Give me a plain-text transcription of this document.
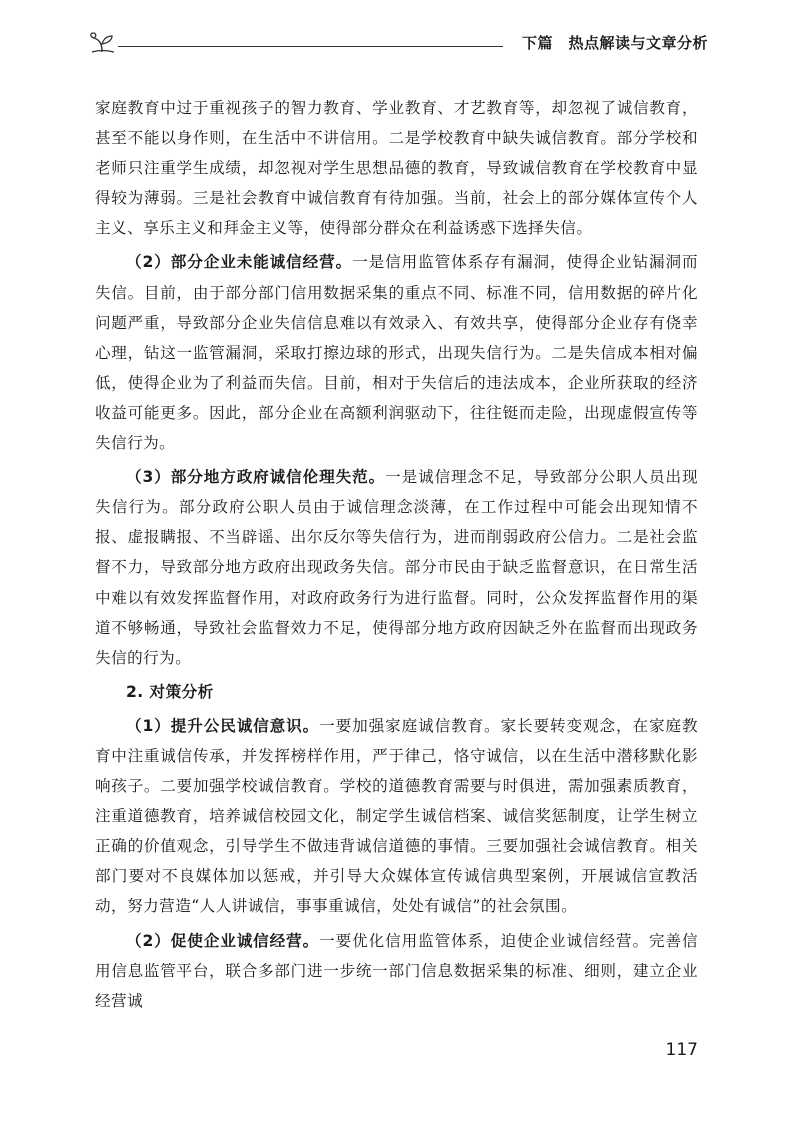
下篇　热点解读与文章分析

家庭教育中过于重视孩子的智力教育、学业教育、才艺教育等，却忽视了诚信教育，甚至不能以身作则，在生活中不讲信用。二是学校教育中缺失诚信教育。部分学校和老师只注重学生成绩，却忽视对学生思想品德的教育，导致诚信教育在学校教育中显得较为薄弱。三是社会教育中诚信教育有待加强。当前，社会上的部分媒体宣传个人主义、享乐主义和拜金主义等，使得部分群众在利益诱惑下选择失信。

（2）部分企业未能诚信经营。一是信用监管体系存有漏洞，使得企业钻漏洞而失信。目前，由于部分部门信用数据采集的重点不同、标准不同，信用数据的碎片化问题严重，导致部分企业失信信息难以有效录入、有效共享，使得部分企业存有侥幸心理，钻这一监管漏洞，采取打擦边球的形式，出现失信行为。二是失信成本相对偏低，使得企业为了利益而失信。目前，相对于失信后的违法成本，企业所获取的经济收益可能更多。因此，部分企业在高额利润驱动下，往往铤而走险，出现虚假宣传等失信行为。

（3）部分地方政府诚信伦理失范。一是诚信理念不足，导致部分公职人员出现失信行为。部分政府公职人员由于诚信理念淡薄，在工作过程中可能会出现知情不报、虚报瞒报、不当辟谣、出尔反尔等失信行为，进而削弱政府公信力。二是社会监督不力，导致部分地方政府出现政务失信。部分市民由于缺乏监督意识，在日常生活中难以有效发挥监督作用，对政府政务行为进行监督。同时，公众发挥监督作用的渠道不够畅通，导致社会监督效力不足，使得部分地方政府因缺乏外在监督而出现政务失信的行为。

2. 对策分析

（1）提升公民诚信意识。一要加强家庭诚信教育。家长要转变观念，在家庭教育中注重诚信传承，并发挥榜样作用，严于律己，恪守诚信，以在生活中潜移默化影响孩子。二要加强学校诚信教育。学校的道德教育需要与时俱进，需加强素质教育，注重道德教育，培养诚信校园文化，制定学生诚信档案、诚信奖惩制度，让学生树立正确的价值观念，引导学生不做违背诚信道德的事情。三要加强社会诚信教育。相关部门要对不良媒体加以惩戒，并引导大众媒体宣传诚信典型案例，开展诚信宣教活动，努力营造“人人讲诚信，事事重诚信，处处有诚信”的社会氛围。

（2）促使企业诚信经营。一要优化信用监管体系，迫使企业诚信经营。完善信用信息监管平台，联合多部门进一步统一部门信息数据采集的标准、细则，建立企业经营诚

117
